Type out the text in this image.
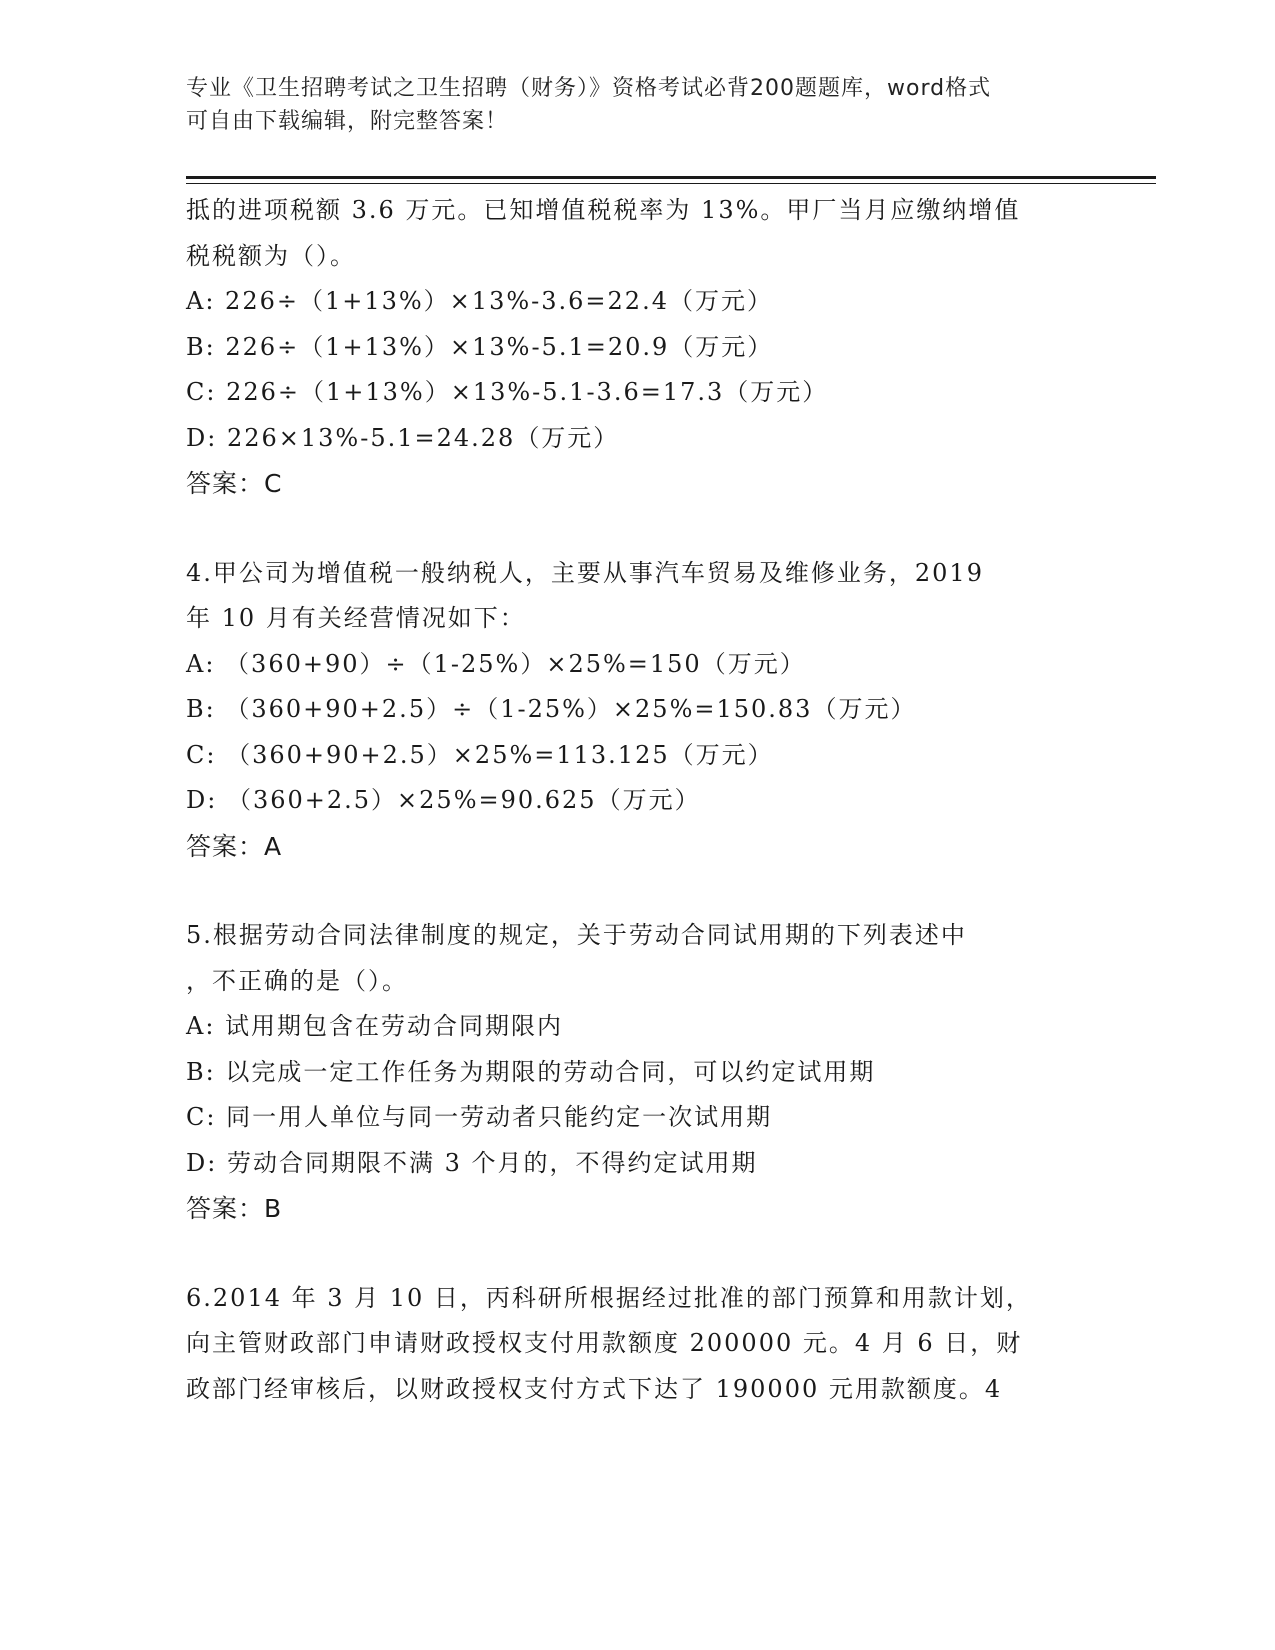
专业《卫生招聘考试之卫生招聘（财务）》资格考试必背200题题库，word格式
可自由下载编辑，附完整答案！
抵的进项税额 3.6 万元。已知增值税税率为 13%。甲厂当月应缴纳增值
税税额为（）。
A: 226÷（1+13%）×13%-3.6=22.4（万元）
B: 226÷（1+13%）×13%-5.1=20.9（万元）
C: 226÷（1+13%）×13%-5.1-3.6=17.3（万元）
D: 226×13%-5.1=24.28（万元）
答案：C
4.甲公司为增值税一般纳税人，主要从事汽车贸易及维修业务，2019
年 10 月有关经营情况如下：
A: （360+90）÷（1-25%）×25%=150（万元）
B: （360+90+2.5）÷（1-25%）×25%=150.83（万元）
C: （360+90+2.5）×25%=113.125（万元）
D: （360+2.5）×25%=90.625（万元）
答案：A
5.根据劳动合同法律制度的规定，关于劳动合同试用期的下列表述中
，不正确的是（）。
A: 试用期包含在劳动合同期限内
B: 以完成一定工作任务为期限的劳动合同，可以约定试用期
C: 同一用人单位与同一劳动者只能约定一次试用期
D: 劳动合同期限不满 3 个月的，不得约定试用期
答案：B
6.2014 年 3 月 10 日，丙科研所根据经过批准的部门预算和用款计划，
向主管财政部门申请财政授权支付用款额度 200000 元。4 月 6 日，财
政部门经审核后，以财政授权支付方式下达了 190000 元用款额度。4
